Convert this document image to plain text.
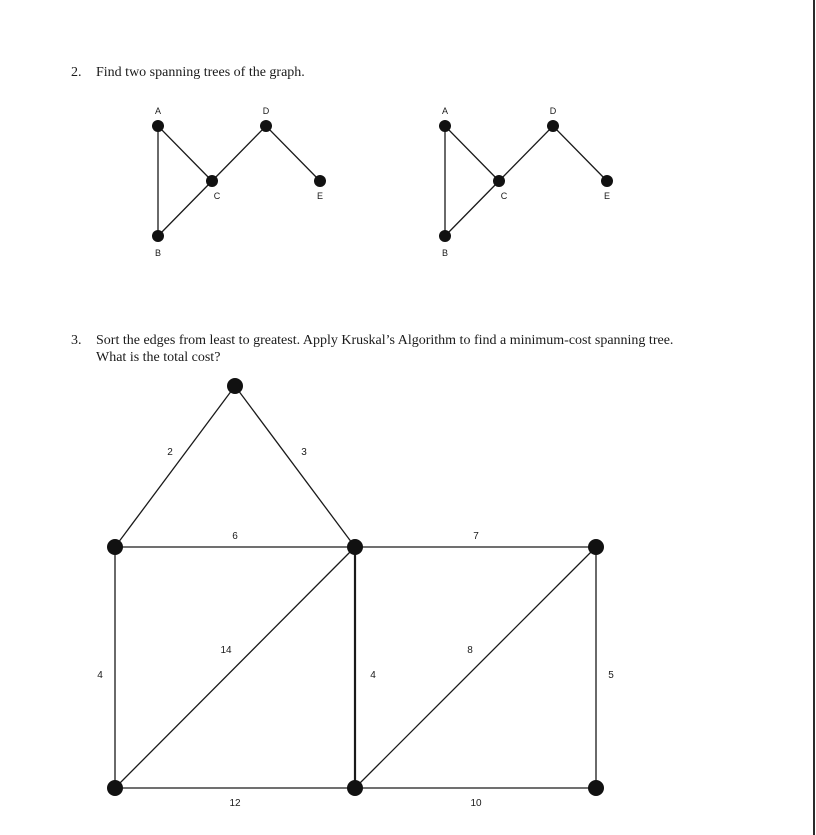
2. Find two spanning trees of the graph.
3. Sort the edges from least to greatest. Apply Kruskal’s Algorithm to find a minimum-cost spanning tree.
What is the total cost?
A
B
C
D
E
A
B
C
D
E
2	3
6	7
4
14
4
8
5
12	10
